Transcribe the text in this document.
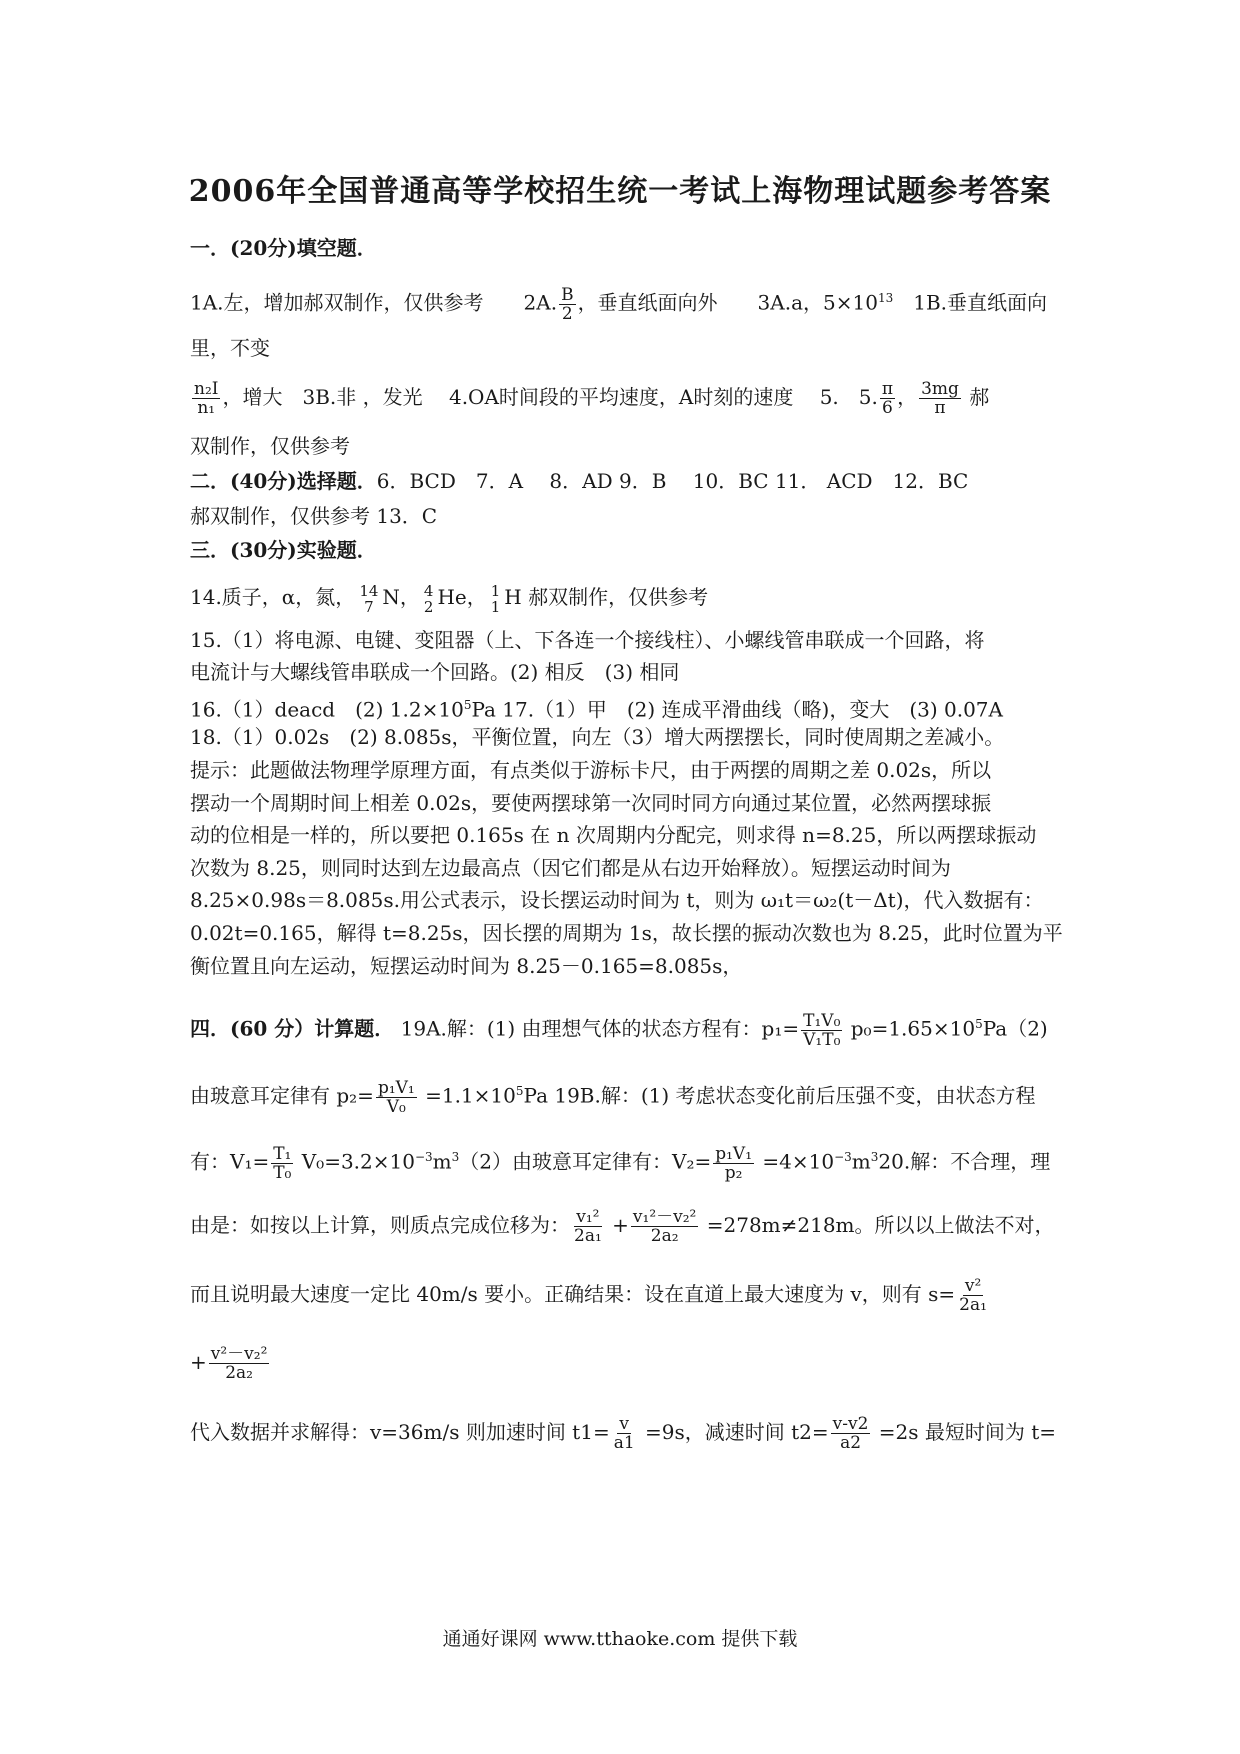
2006年全国普通高等学校招生统一考试上海物理试题参考答案
一．(20分)填空题．
1A.左，增加郝双制作，仅供参考　　2A. $\frac{B}{2}$ ，垂直纸面向外　　3A.a，$5\times 10^{13}$　1B.垂直纸面向
里，不变
$\frac{\text{n₂I}}{\text{n₁}}$ ，增大　3B.非 ，发光　 4.OA时间段的平均速度，A时刻的速度　 5.　5. $\frac{\pi}{6}$ ， $\frac{3mg}{\pi}$ 郝
双制作，仅供参考
二．(40分)选择题．6．BCD　7．A　 8．AD 9．B　 10．BC 11． ACD　12．BC
郝双制作，仅供参考 13．C
三．(30分)实验题．
14.质子，α，氮， 14
7 N， 4
2 He， 1
1 H 郝双制作，仅供参考
15.（1）将电源、电键、变阻器（上、下各连一个接线柱）、小螺线管串联成一个回路，将
电流计与大螺线管串联成一个回路。(2) 相反　(3) 相同
16.（1）deacd　(2) $1.2\times 10^5Pa$ 17.（1）甲　(2) 连成平滑曲线（略)，变大　(3) 0.07A
18.（1）0.02s　(2) 8.085s，平衡位置，向左（3）增大两摆摆长，同时使周期之差减小。
提示：此题做法物理学原理方面，有点类似于游标卡尺，由于两摆的周期之差 0.02s，所以
摆动一个周期时间上相差 0.02s，要使两摆球第一次同时同方向通过某位置，必然两摆球振
动的位相是一样的，所以要把 0.165s 在 n 次周期内分配完，则求得 n=8.25，所以两摆球振动
次数为 8.25，则同时达到左边最高点（因它们都是从右边开始释放）。短摆运动时间为
8.25×0.98s＝8.085s.用公式表示，设长摆运动时间为 t，则为 ω₁t＝ω₂(t－Δt)，代入数据有：
0.02t=0.165，解得 t=8.25s，因长摆的周期为 1s，故长摆的振动次数也为 8.25，此时位置为平
衡位置且向左运动，短摆运动时间为 8.25－0.165=8.085s，
四．(60 分）计算题． 19A.解：(1) 由理想气体的状态方程有：$p_1= \frac{\text{T₁V₀}}{\text{V₁T₀}} p_0=1.65\times 10^5Pa(2)$
由玻意耳定律有 $p_2= \frac{\text{p₁V₁}}{\text{V₀}} =1.1\times 10^5Pa$ 19B.解：(1) 考虑状态变化前后压强不变，由状态方程
有：$V_1= \frac{\text{T₁}}{\text{T₀}} V_0=3.2\times 10^{-3}m^3(2)$由玻意耳定律有：$V_2= \frac{\text{p₁V₁}}{\text{p₂}} =4\times 10^{-3}m^320$.解：不合理，理
由是：如按以上计算，则质点完成位移为： $\frac{\text{v₁²}}{\text{2a₁}} + \frac{\text{v₁²－v₂²}}{\text{2a₂}} =278m\ne 218m$。所以以上做法不对，
而且说明最大速度一定比 40m/s 要小。正确结果：设在直道上最大速度为 v，则有 $s= \frac{\text{v²}}{\text{2a₁}}$
+ $\frac{\text{v²－v₂²}}{\text{2a₂}}$
代入数据并求解得：v=36m/s 则加速时间 $t1= \frac{v}{a1} =9s$，减速时间 $t2= \frac{v-v2}{a2} =2s$ 最短时间为 t=
通通好课网 www.tthaoke.com 提供下载
